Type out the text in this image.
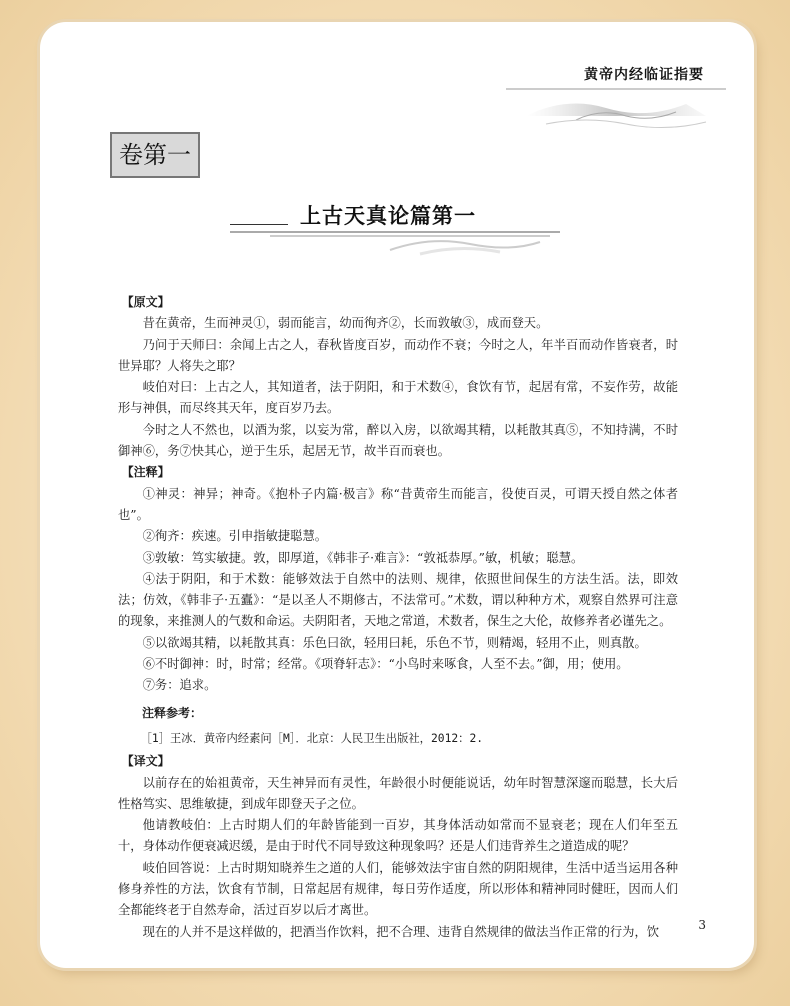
黄帝内经临证指要
卷第一
上古天真论篇第一

【原文】

昔在黄帝，生而神灵①，弱而能言，幼而徇齐②，长而敦敏③，成而登天。

乃问于天师曰：余闻上古之人，春秋皆度百岁，而动作不衰；今时之人，年半百而动作皆衰者，时世异耶？人将失之耶？

岐伯对曰：上古之人，其知道者，法于阴阳，和于术数④，食饮有节，起居有常，不妄作劳，故能形与神俱，而尽终其天年，度百岁乃去。

今时之人不然也，以酒为浆，以妄为常，醉以入房，以欲竭其精，以耗散其真⑤，不知持满，不时御神⑥，务⑦快其心，逆于生乐，起居无节，故半百而衰也。

【注释】

①神灵：神异；神奇。《抱朴子内篇·极言》称“昔黄帝生而能言，役使百灵，可谓天授自然之体者也”。

②徇齐：疾速。引申指敏捷聪慧。

③敦敏：笃实敏捷。敦，即厚道，《韩非子·难言》：“敦祗恭厚。”敏，机敏；聪慧。

④法于阴阳，和于术数：能够效法于自然中的法则、规律，依照世间保生的方法生活。法，即效法；仿效，《韩非子·五蠹》：“是以圣人不期修古，不法常可。”术数，谓以种种方术，观察自然界可注意的现象，来推测人的气数和命运。夫阴阳者，天地之常道，术数者，保生之大伦，故修养者必谨先之。

⑤以欲竭其精，以耗散其真：乐色曰欲，轻用曰耗，乐色不节，则精竭，轻用不止，则真散。

⑥不时御神：时，时常；经常。《项脊轩志》：“小鸟时来啄食，人至不去。”御，用；使用。

⑦务：追求。

注释参考：

［1］王冰．黄帝内经素问［M］．北京：人民卫生出版社，2012：2.

【译文】

以前存在的始祖黄帝，天生神异而有灵性，年龄很小时便能说话，幼年时智慧深邃而聪慧，长大后性格笃实、思维敏捷，到成年即登天子之位。

他请教岐伯：上古时期人们的年龄皆能到一百岁，其身体活动如常而不显衰老；现在人们年至五十，身体动作便衰减迟缓，是由于时代不同导致这种现象吗？还是人们违背养生之道造成的呢？

岐伯回答说：上古时期知晓养生之道的人们，能够效法宇宙自然的阴阳规律，生活中适当运用各种修身养性的方法，饮食有节制，日常起居有规律，每日劳作适度，所以形体和精神同时健旺，因而人们全都能终老于自然寿命，活过百岁以后才离世。

现在的人并不是这样做的，把酒当作饮料，把不合理、违背自然规律的做法当作正常的行为，饮	3
